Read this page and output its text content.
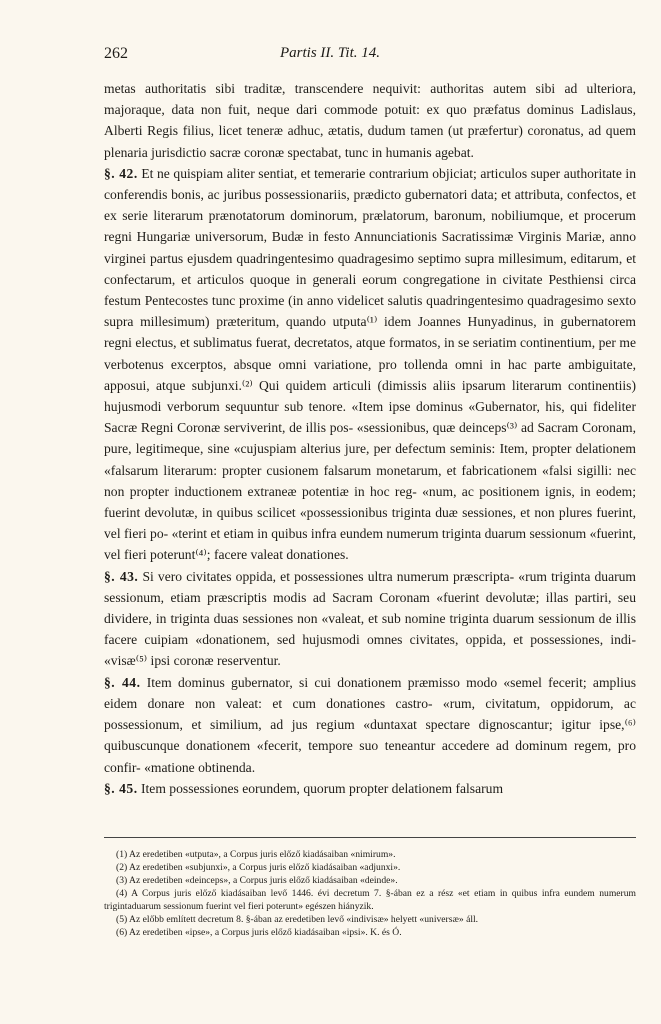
262	Partis II. Tit. 14.

metas authoritatis sibi traditæ, transcendere nequivit: authoritas autem sibi ad ulteriora, majoraque, data non fuit, neque dari commode potuit: ex quo præfatus dominus Ladislaus, Alberti Regis filius, licet teneræ adhuc, ætatis, dudum tamen (ut præfertur) coronatus, ad quem plenaria jurisdictio sacræ coronæ spectabat, tunc in humanis agebat.

§. 42. Et ne quispiam aliter sentiat, et temerarie contrarium objiciat; articulos super authoritate in conferendis bonis, ac juribus possessionariis, prædicto gubernatori data; et attributa, confectos, et ex serie literarum prænotatorum dominorum, prælatorum, baronum, nobiliumque, et procerum regni Hungariæ universorum, Budæ in festo Annunciationis Sacratissimæ Virginis Mariæ, anno virginei partus ejusdem quadringentesimo quadragesimo septimo supra millesimum, editarum, et confectarum, et articulos quoque in generali eorum congregatione in civitate Pesthiensi circa festum Pentecostes tunc proxime (in anno videlicet salutis quadringentesimo quadragesimo sexto supra millesimum) præteritum, quando utputa⁽¹⁾ idem Joannes Hunyadinus, in gubernatorem regni electus, et sublimatus fuerat, decretatos, atque formatos, in se seriatim continentium, per me verbotenus excerptos, absque omni variatione, pro tollenda omni in hac parte ambiguitate, apposui, atque subjunxi.⁽²⁾ Qui quidem articuli (dimissis aliis ipsarum literarum continentiis) hujusmodi verborum sequuntur sub tenore. «Item ipse dominus «Gubernator, his, qui fideliter Sacræ Regni Coronæ serviverint, de illis pos- «sessionibus, quæ deinceps⁽³⁾ ad Sacram Coronam, pure, legitimeque, sine «cujuspiam alterius jure, per defectum seminis: Item, propter delationem «falsarum literarum: propter cusionem falsarum monetarum, et fabricationem «falsi sigilli: nec non propter inductionem extraneæ potentiæ in hoc reg- «num, ac positionem ignis, in eodem; fuerint devolutæ, in quibus scilicet «possessionibus triginta duæ sessiones, et non plures fuerint, vel fieri po- «terint et etiam in quibus infra eundem numerum triginta duarum sessionum «fuerint, vel fieri poterunt⁽⁴⁾; facere valeat donationes.

§. 43. Si vero civitates oppida, et possessiones ultra numerum præscripta- «rum triginta duarum sessionum, etiam præscriptis modis ad Sacram Coronam «fuerint devolutæ; illas partiri, seu dividere, in triginta duas sessiones non «valeat, et sub nomine triginta duarum sessionum de illis facere cuipiam «donationem, sed hujusmodi omnes civitates, oppida, et possessiones, indi- «visæ⁽⁵⁾ ipsi coronæ reserventur.

§. 44. Item dominus gubernator, si cui donationem præmisso modo «semel fecerit; amplius eidem donare non valeat: et cum donationes castro- «rum, civitatum, oppidorum, ac possessionum, et similium, ad jus regium «duntaxat spectare dignoscantur; igitur ipse,⁽⁶⁾ quibuscunque donationem «fecerit, tempore suo teneantur accedere ad dominum regem, pro confir- «matione obtinenda.

§. 45. Item possessiones eorundem, quorum propter delationem falsarum

(1) Az eredetiben «utputa», a Corpus juris előző kiadásaiban «nimirum».

(2) Az eredetiben «subjunxi», a Corpus juris előző kiadásaiban «adjunxi».

(3) Az eredetiben «deinceps», a Corpus juris előző kiadásaiban «deinde».

(4) A Corpus juris előző kiadásaiban levő 1446. évi decretum 7. §-ában ez a rész «et etiam in quibus infra eundem numerum trigintaduarum sessionum fuerint vel fieri poterunt» egészen hiányzik.

(5) Az előbb említett decretum 8. §-ában az eredetiben levő «indivisæ» helyett «universæ» áll.

(6) Az eredetiben «ipse», a Corpus juris előző kiadásaiban «ipsi». K. és Ó.
